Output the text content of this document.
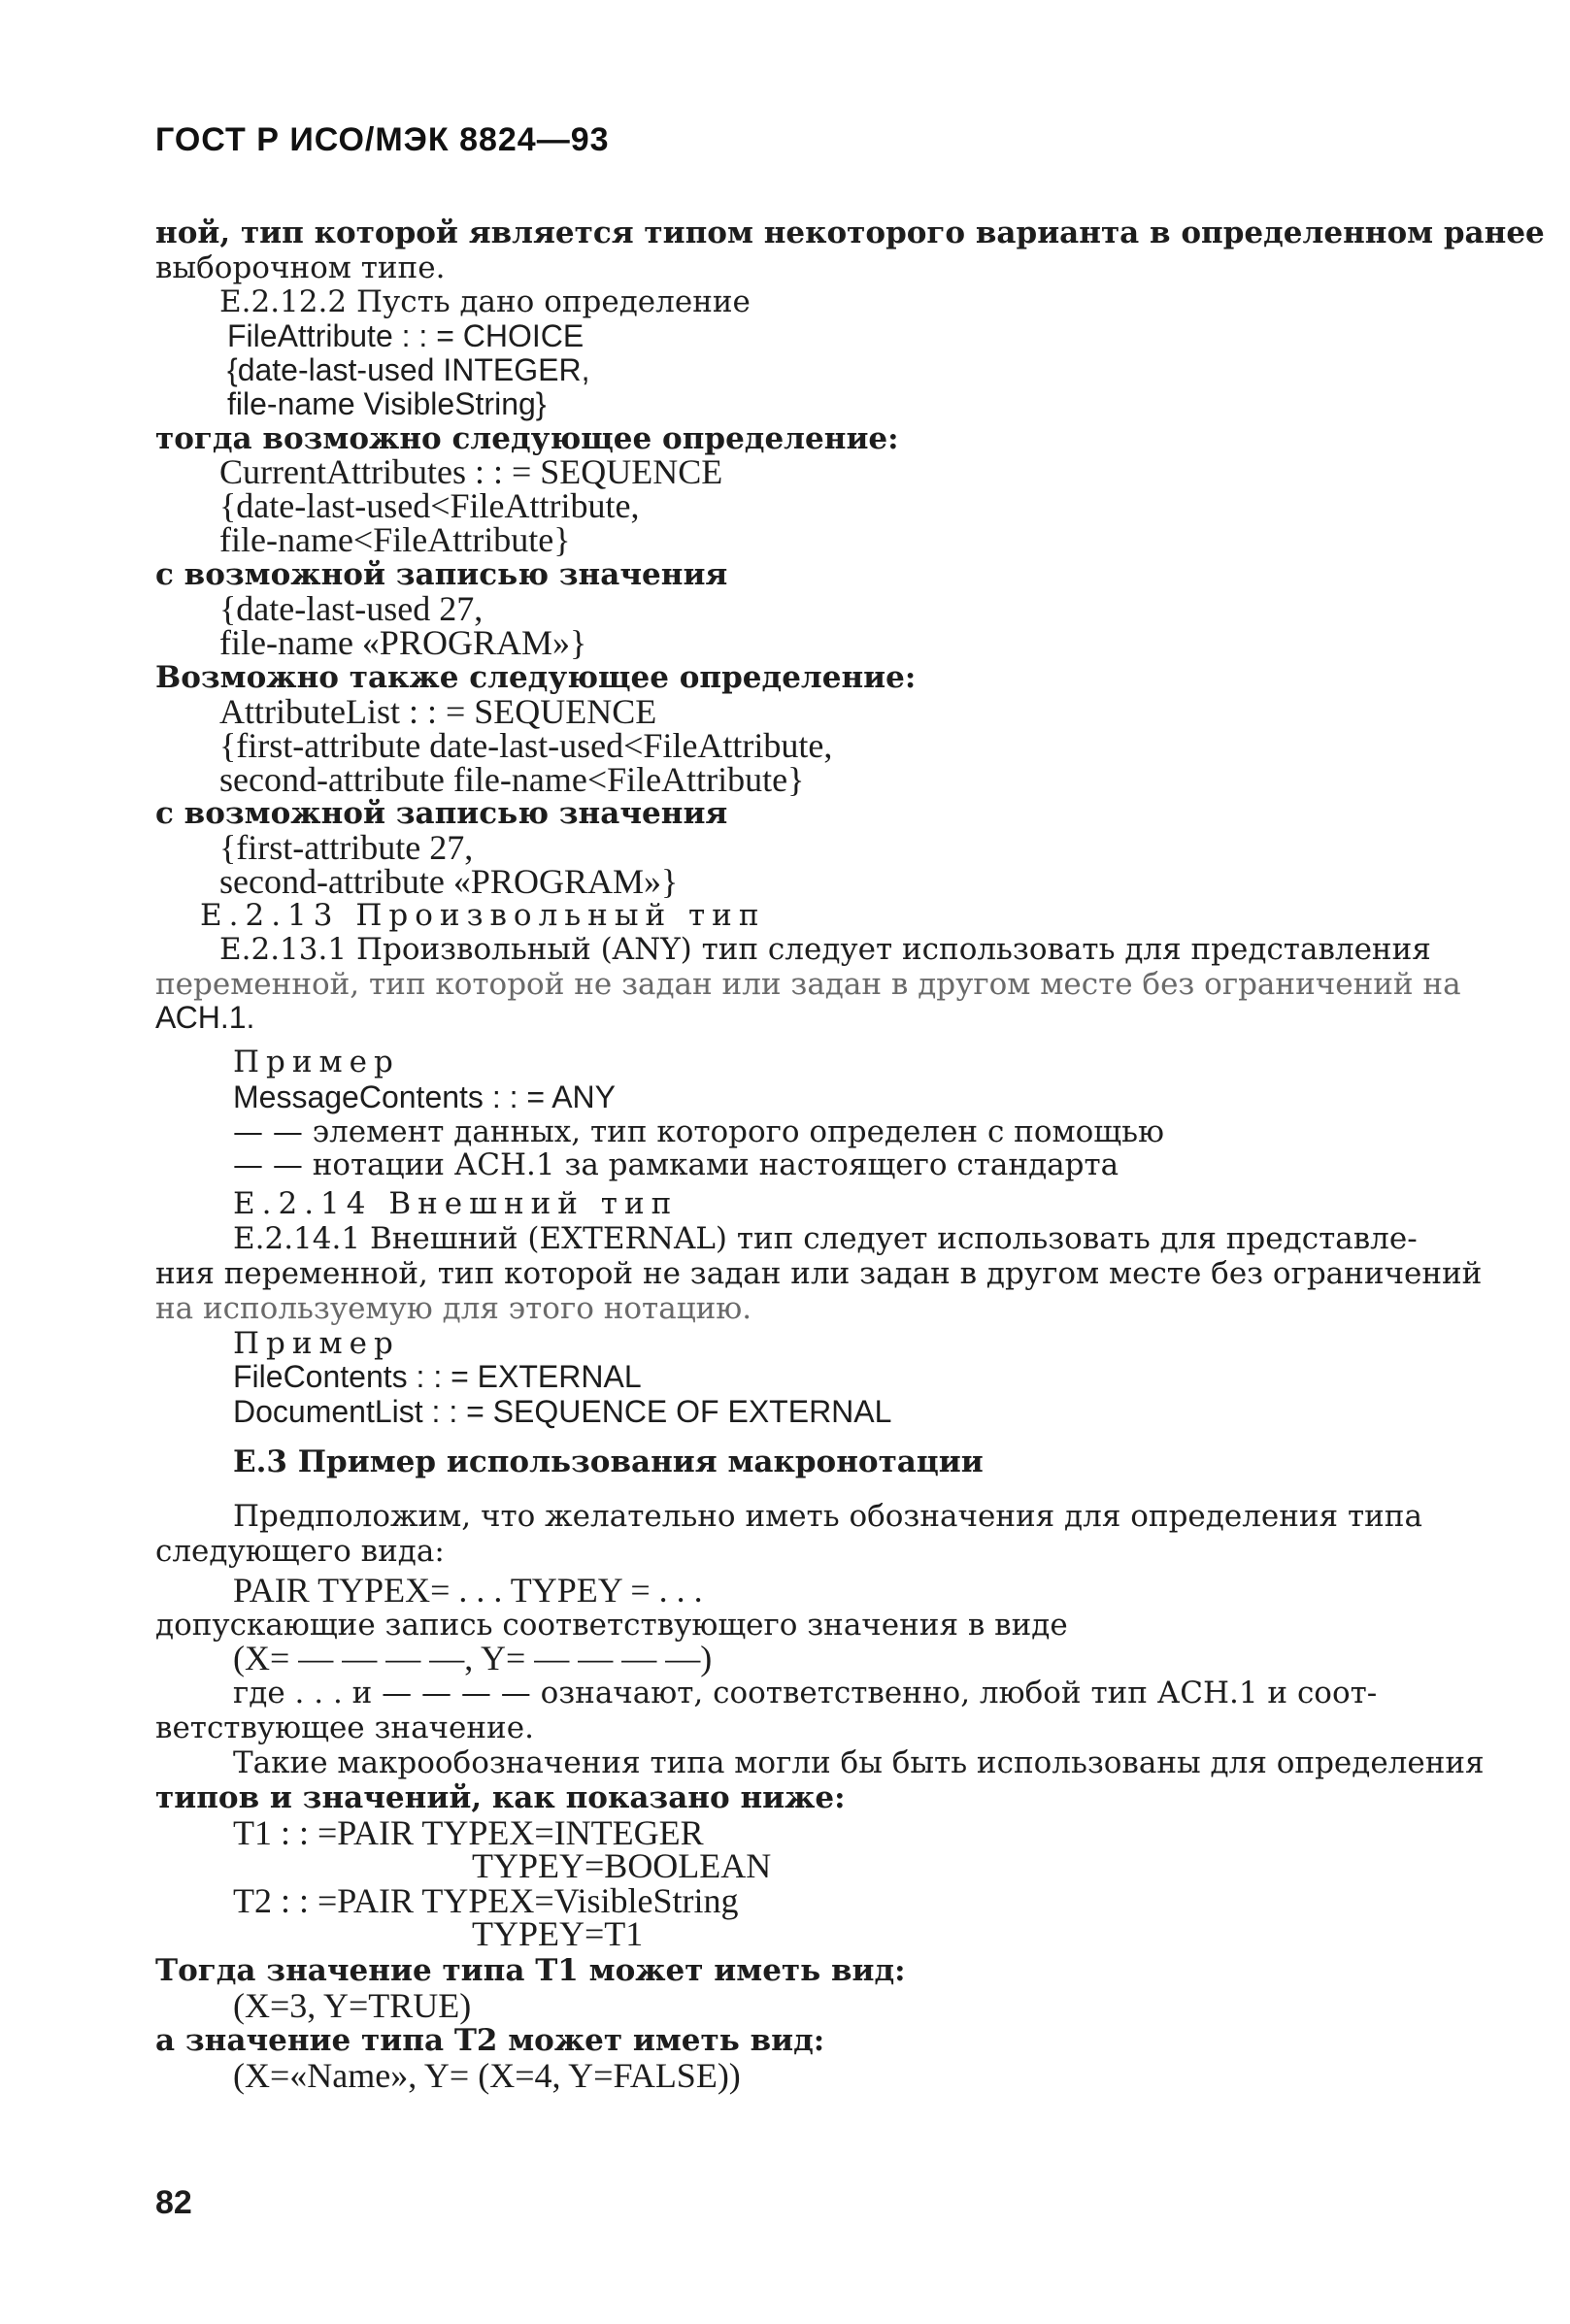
ГОСТ Р ИСО/МЭК 8824—93
ной, тип которой является типом некоторого варианта в определенном ранее
выборочном типе.
E.2.12.2 Пусть дано определение
FileAttribute : : = CHOICE
{date-last-used INTEGER,
file-name VisibleString}
тогда возможно следующее определение:
CurrentAttributes : : = SEQUENCE
{date-last-used<FileAttribute,
file-name<FileAttribute}
с возможной записью значения
{date-last-used 27,
file-name «PROGRAM»}
Возможно также следующее определение:
AttributeList : : = SEQUENCE
{first-attribute date-last-used<FileAttribute,
second-attribute file-name<FileAttribute}
с возможной записью значения
{first-attribute 27,
second-attribute «PROGRAM»}
E.2.13 Произвольный тип
E.2.13.1 Произвольный (ANY) тип следует использовать для представления
переменной, тип которой не задан или задан в другом месте без ограничений на
АСН.1.
Пример
MessageContents : : = ANY
— — элемент данных, тип которого определен с помощью
— — нотации АСН.1 за рамками настоящего стандарта
E.2.14 Внешний тип
E.2.14.1 Внешний (EXTERNAL) тип следует использовать для представле-
ния переменной, тип которой не задан или задан в другом месте без ограничений
на используемую для этого нотацию.
Пример
FileContents : : = EXTERNAL
DocumentList : : = SEQUENCE OF EXTERNAL
E.3 Пример использования макронотации
Предположим, что желательно иметь обозначения для определения типа
следующего вида:
PAIR TYPEX= . . . TYPEY = . . .
допускающие запись соответствующего значения в виде
(X= — — — —, Y= — — — —)
где . . . и — — — — означают, соответственно, любой тип АСН.1 и соот-
ветствующее значение.
Такие макрообозначения типа могли бы быть использованы для определения
типов и значений, как показано ниже:
T1 : : =PAIR TYPEX=INTEGER
TYPEY=BOOLEAN
T2 : : =PAIR TYPEX=VisibleString
TYPEY=T1
Тогда значение типа T1 может иметь вид:
(X=3, Y=TRUE)
а значение типа T2 может иметь вид:
(X=«Name», Y= (X=4, Y=FALSE))
82
